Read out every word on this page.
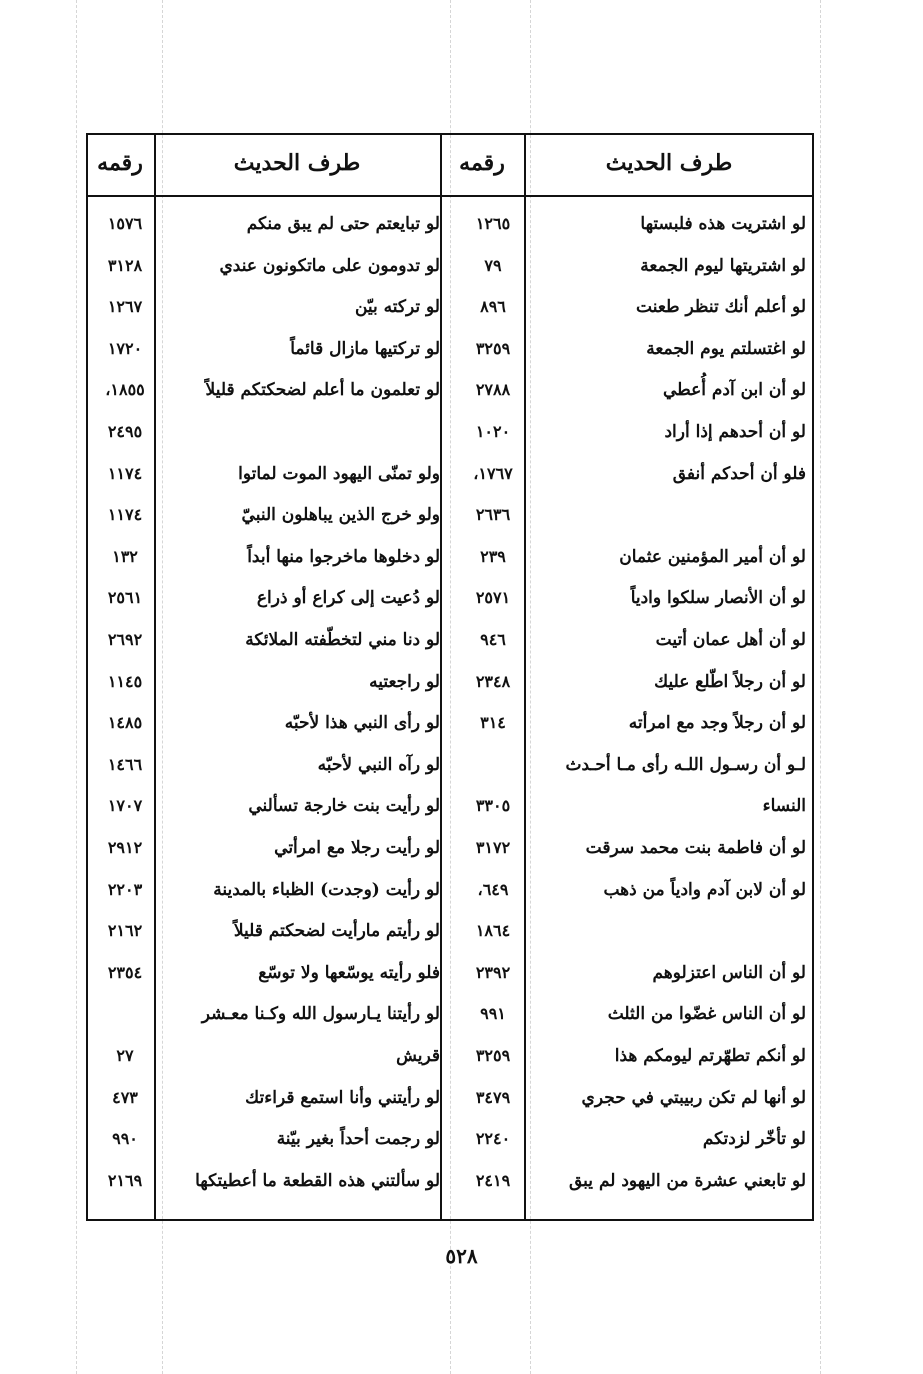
طرف الحديث
رقمه
طرف الحديث
رقمه
لو اشتريت هذه فلبستها
١٢٦٥
لو تبايعتم حتى لم يبق منكم
١٥٧٦
لو اشتريتها ليوم الجمعة
٧٩
لو تدومون على ماتكونون عندي
٣١٢٨
لو أعلم أنك تنظر طعنت
٨٩٦
لو تركته بيّن
١٢٦٧
لو اغتسلتم يوم الجمعة
٣٢٥٩
لو تركتيها مازال قائماً
١٧٢٠
لو أن ابن آدم أُعطي
٢٧٨٨
لو تعلمون ما أعلم لضحكتكم قليلاً
١٨٥٥،
لو أن أحدهم إذا أراد
١٠٢٠
٢٤٩٥
فلو أن أحدكم أنفق
١٧٦٧،
ولو تمنّى اليهود الموت لماتوا
١١٧٤
٢٦٣٦
ولو خرج الذين يباهلون النبيّ
١١٧٤
لو أن أمير المؤمنين عثمان
٢٣٩
لو دخلوها ماخرجوا منها أبداً
١٣٢
لو أن الأنصار سلكوا وادياً
٢٥٧١
لو دُعيت إلى كراع أو ذراع
٢٥٦١
لو أن أهل عمان أتيت
٩٤٦
لو دنا مني لتخطّفته الملائكة
٢٦٩٢
لو أن رجلاً اطّلع عليك
٢٣٤٨
لو راجعتيه
١١٤٥
لو أن رجلاً وجد مع امرأته
٣١٤
لو رأى النبي هذا لأحبّه
١٤٨٥
لـو أن رسـول اللـه رأى مـا أحـدث
لو رآه النبي لأحبّه
١٤٦٦
النساء
٣٣٠٥
لو رأيت بنت خارجة تسألني
١٧٠٧
لو أن فاطمة بنت محمد سرقت
٣١٧٢
لو رأيت رجلا مع امرأتي
٢٩١٢
لو أن لابن آدم وادياً من ذهب
٦٤٩،
لو رأيت (وجدت) الظباء بالمدينة
٢٢٠٣
١٨٦٤
لو رأيتم مارأيت لضحكتم قليلاً
٢١٦٢
لو أن الناس اعتزلوهم
٢٣٩٢
فلو رأيته يوسّعها ولا توسّع
٢٣٥٤
لو أن الناس غضّوا من الثلث
٩٩١
لو رأيتنا يـارسول الله وكـنا معـشر
لو أنكم تطهّرتم ليومكم هذا
٣٢٥٩
قريش
٢٧
لو أنها لم تكن ربيبتي في حجري
٣٤٧٩
لو رأيتني وأنا استمع قراءتك
٤٧٣
لو تأخّر لزدتكم
٢٢٤٠
لو رجمت أحداً بغير بيّنة
٩٩٠
لو تابعني عشرة من اليهود لم يبق
٢٤١٩
لو سألتني هذه القطعة ما أعطيتكها
٢١٦٩
٥٢٨
